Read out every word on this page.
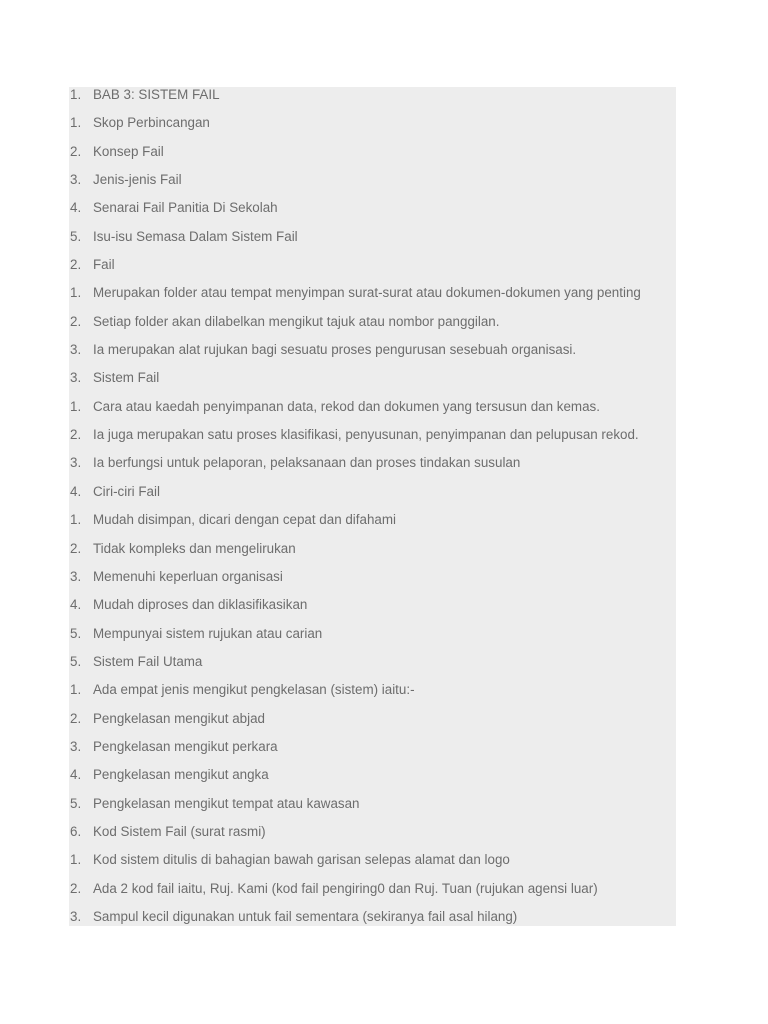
1. BAB 3: SISTEM FAIL
1. Skop Perbincangan
2. Konsep Fail
3. Jenis-jenis Fail
4. Senarai Fail Panitia Di Sekolah
5. Isu-isu Semasa Dalam Sistem Fail
2. Fail
1. Merupakan folder atau tempat menyimpan surat-surat atau dokumen-dokumen yang penting
2. Setiap folder akan dilabelkan mengikut tajuk atau nombor panggilan.
3. Ia merupakan alat rujukan bagi sesuatu proses pengurusan sesebuah organisasi.
3. Sistem Fail
1. Cara atau kaedah penyimpanan data, rekod dan dokumen yang tersusun dan kemas.
2. Ia juga merupakan satu proses klasifikasi, penyusunan, penyimpanan dan pelupusan rekod.
3. Ia berfungsi untuk pelaporan, pelaksanaan dan proses tindakan susulan
4. Ciri-ciri Fail
1. Mudah disimpan, dicari dengan cepat dan difahami
2. Tidak kompleks dan mengelirukan
3. Memenuhi keperluan organisasi
4. Mudah diproses dan diklasifikasikan
5. Mempunyai sistem rujukan atau carian
5. Sistem Fail Utama
1. Ada empat jenis mengikut pengkelasan (sistem) iaitu:-
2. Pengkelasan mengikut abjad
3. Pengkelasan mengikut perkara
4. Pengkelasan mengikut angka
5. Pengkelasan mengikut tempat atau kawasan
6. Kod Sistem Fail (surat rasmi)
1. Kod sistem ditulis di bahagian bawah garisan selepas alamat dan logo
2. Ada 2 kod fail iaitu, Ruj. Kami (kod fail pengiring0 dan Ruj. Tuan (rujukan agensi luar)
3. Sampul kecil digunakan untuk fail sementara (sekiranya fail asal hilang)
